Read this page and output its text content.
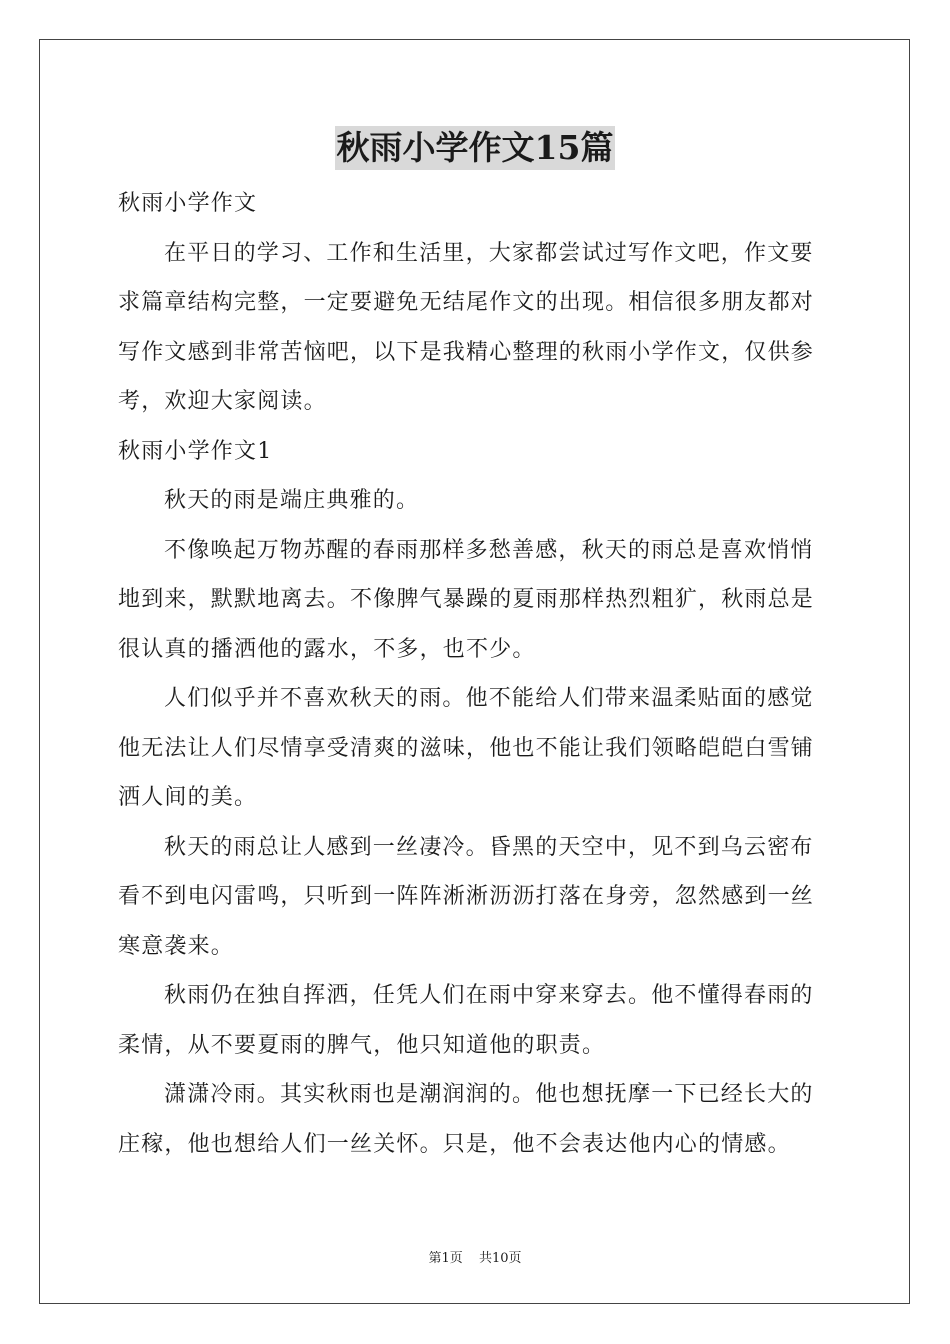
秋雨小学作文15篇

秋雨小学作文

在平日的学习、工作和生活里，大家都尝试过写作文吧，作文要

求篇章结构完整，一定要避免无结尾作文的出现。相信很多朋友都对

写作文感到非常苦恼吧，以下是我精心整理的秋雨小学作文，仅供参

考，欢迎大家阅读。

秋雨小学作文1

秋天的雨是端庄典雅的。

不像唤起万物苏醒的春雨那样多愁善感，秋天的雨总是喜欢悄悄

地到来，默默地离去。不像脾气暴躁的夏雨那样热烈粗犷，秋雨总是

很认真的播洒他的露水，不多，也不少。

人们似乎并不喜欢秋天的雨。他不能给人们带来温柔贴面的感觉

他无法让人们尽情享受清爽的滋味，他也不能让我们领略皑皑白雪铺

洒人间的美。

秋天的雨总让人感到一丝凄冷。昏黑的天空中，见不到乌云密布

看不到电闪雷鸣，只听到一阵阵淅淅沥沥打落在身旁，忽然感到一丝

寒意袭来。

秋雨仍在独自挥洒，任凭人们在雨中穿来穿去。他不懂得春雨的

柔情，从不要夏雨的脾气，他只知道他的职责。

潇潇冷雨。其实秋雨也是潮润润的。他也想抚摩一下已经长大的

庄稼，他也想给人们一丝关怀。只是，他不会表达他内心的情感。

第1页 共10页
